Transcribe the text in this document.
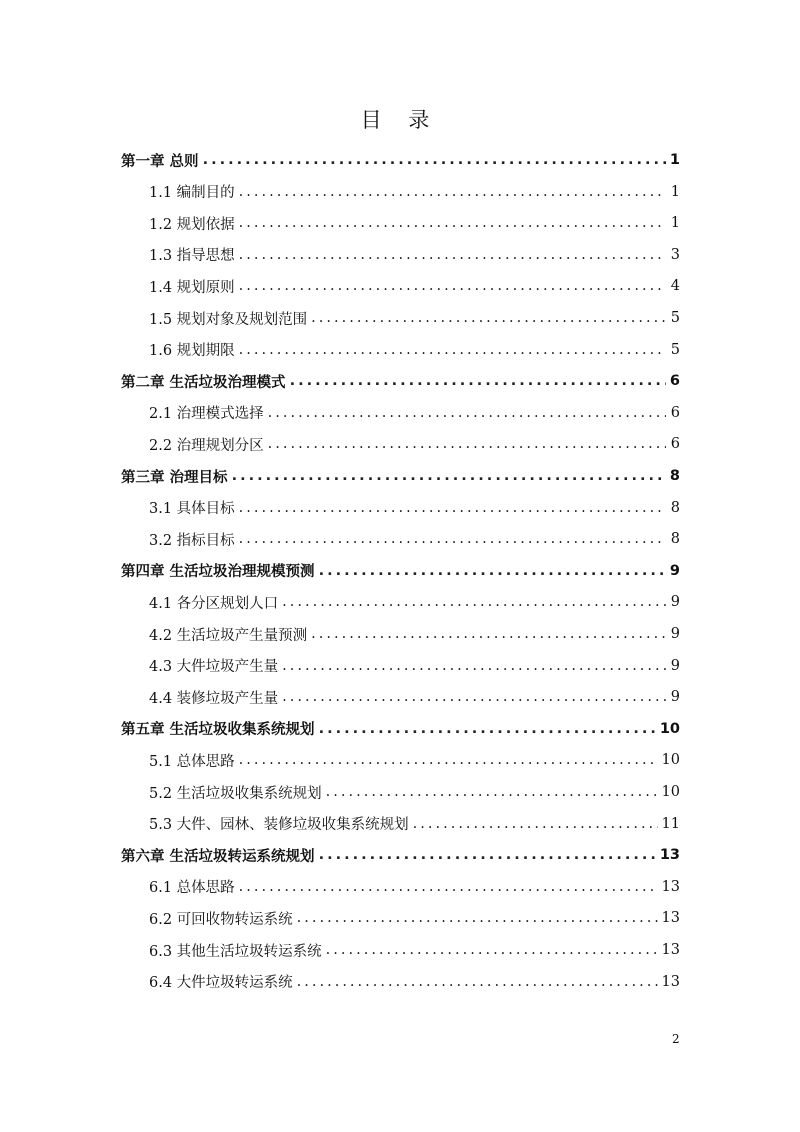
目 录
第一章 总则 .....	1
1.1 编制目的 .....	1
1.2 规划依据 .....	1
1.3 指导思想 .....	3
1.4 规划原则 .....	4
1.5 规划对象及规划范围 .....	5
1.6 规划期限 .....	5
第二章 生活垃圾治理模式 .....	6
2.1 治理模式选择 .....	6
2.2 治理规划分区 .....	6
第三章 治理目标 .....	8
3.1 具体目标 .....	8
3.2 指标目标 .....	8
第四章 生活垃圾治理规模预测 .....	9
4.1 各分区规划人口 .....	9
4.2 生活垃圾产生量预测 .....	9
4.3 大件垃圾产生量 .....	9
4.4 装修垃圾产生量 .....	9
第五章 生活垃圾收集系统规划 .....	10
5.1 总体思路 .....	10
5.2 生活垃圾收集系统规划 .....	10
5.3 大件、园林、装修垃圾收集系统规划 .....	11
第六章 生活垃圾转运系统规划 .....	13
6.1 总体思路 .....	13
6.2 可回收物转运系统 .....	13
6.3 其他生活垃圾转运系统 .....	13
6.4 大件垃圾转运系统 .....	13
2
